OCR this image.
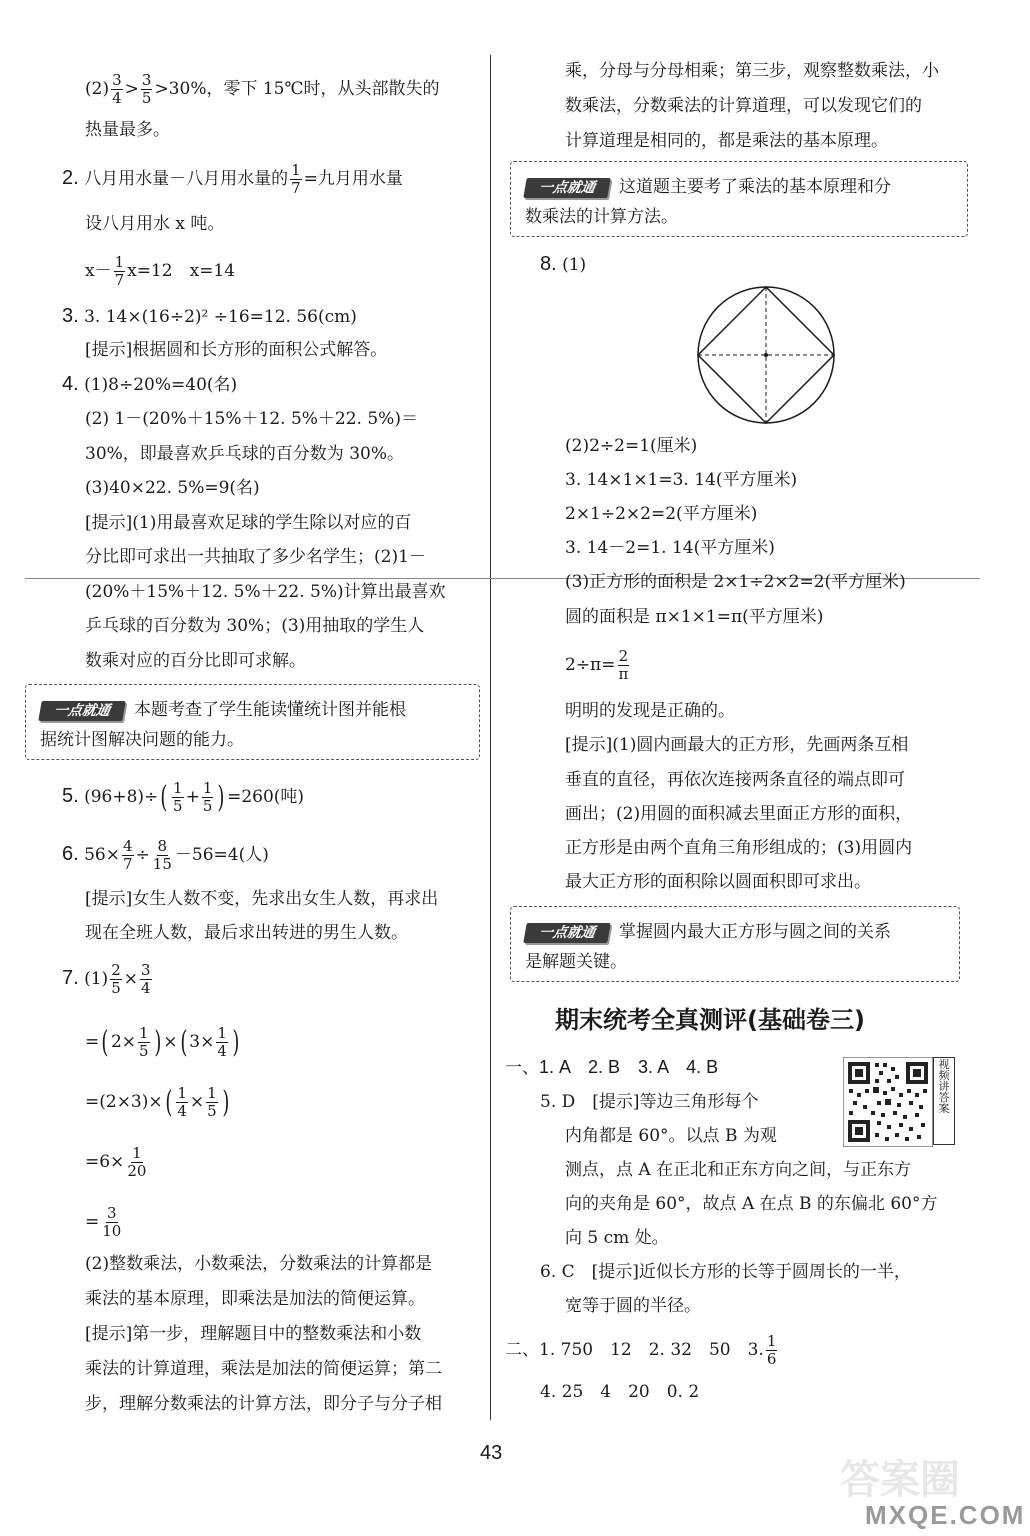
$(2) \frac{3}{4} > \frac{3}{5} >30\%$，零下 15℃时，从头部散失的
热量最多。
2. 八月用水量－八月用水量的 $\frac{1}{7}$ =九月用水量
设八月用水 x 吨。
$x- \frac{1}{7} x=12$　x=14
3. 3. 14×(16÷2)² ÷16=12. 56(cm)
[提示]根据圆和长方形的面积公式解答。
4. (1)8÷20%=40(名)
(2) 1－(20%＋15%＋12. 5%＋22. 5%)＝
30%，即最喜欢乒乓球的百分数为 30%。
(3)40×22. 5%=9(名)
[提示](1)用最喜欢足球的学生除以对应的百
分比即可求出一共抽取了多少名学生；(2)1－
(20%＋15%＋12. 5%＋22. 5%)计算出最喜欢
乒乓球的百分数为 30%；(3)用抽取的学生人
数乘对应的百分比即可求解。
一点就通 本题考查了学生能读懂统计图并能根
据统计图解决问题的能力。
5. $(96+8)\div( \frac{1}{5} + \frac{1}{5}$ ) =260(吨)
6. $56\times \frac{4}{7} \div \frac{8}{15} -56=4$(人)
[提示]女生人数不变，先求出女生人数，再求出
现在全班人数，最后求出转进的男生人数。
7. $(1) \frac{2}{5} \times \frac{3}{4}$
=( $2\times \frac{1}{5}$ ) ×( $3\times \frac{1}{4}$ )
$=(2\times 3)\times( \frac{1}{4} \times \frac{1}{5}$ )
$=6\times \frac{1}{20}$
= $\frac{3}{10}$
(2)整数乘法，小数乘法，分数乘法的计算都是
乘法的基本原理，即乘法是加法的简便运算。
[提示]第一步，理解题目中的整数乘法和小数
乘法的计算道理，乘法是加法的简便运算；第二
步，理解分数乘法的计算方法，即分子与分子相
乘，分母与分母相乘；第三步，观察整数乘法，小
数乘法，分数乘法的计算道理，可以发现它们的
计算道理是相同的，都是乘法的基本原理。
一点就通 这道题主要考了乘法的基本原理和分
数乘法的计算方法。
8. (1)
(2)2÷2=1(厘米)
3. 14×1×1=3. 14(平方厘米)
2×1÷2×2=2(平方厘米)
3. 14－2=1. 14(平方厘米)
(3)正方形的面积是 2×1÷2×2=2(平方厘米)
圆的面积是 π×1×1=π(平方厘米)
$2\div\pi= \frac{2}{\pi}$
明明的发现是正确的。
[提示](1)圆内画最大的正方形，先画两条互相
垂直的直径，再依次连接两条直径的端点即可
画出；(2)用圆的面积减去里面正方形的面积，
正方形是由两个直角三角形组成的；(3)用圆内
最大正方形的面积除以圆面积即可求出。
一点就通 掌握圆内最大正方形与圆之间的关系
是解题关键。
期末统考全真测评(基础卷三)
一、1. A　2. B　3. A　4. B
5. D　[提示]等边三角形每个
内角都是 60°。以点 B 为观
测点，点 A 在正北和正东方向之间，与正东方
向的夹角是 60°，故点 A 在点 B 的东偏北 60°方
向 5 cm 处。
6. C　[提示]近似长方形的长等于圆周长的一半，
宽等于圆的半径。
二、1. 750　12　2. 32　50　3. $\frac{1}{6}$
4. 25　4　20　0. 2
视频讲答案
43
答案圈
MXQE.COM
